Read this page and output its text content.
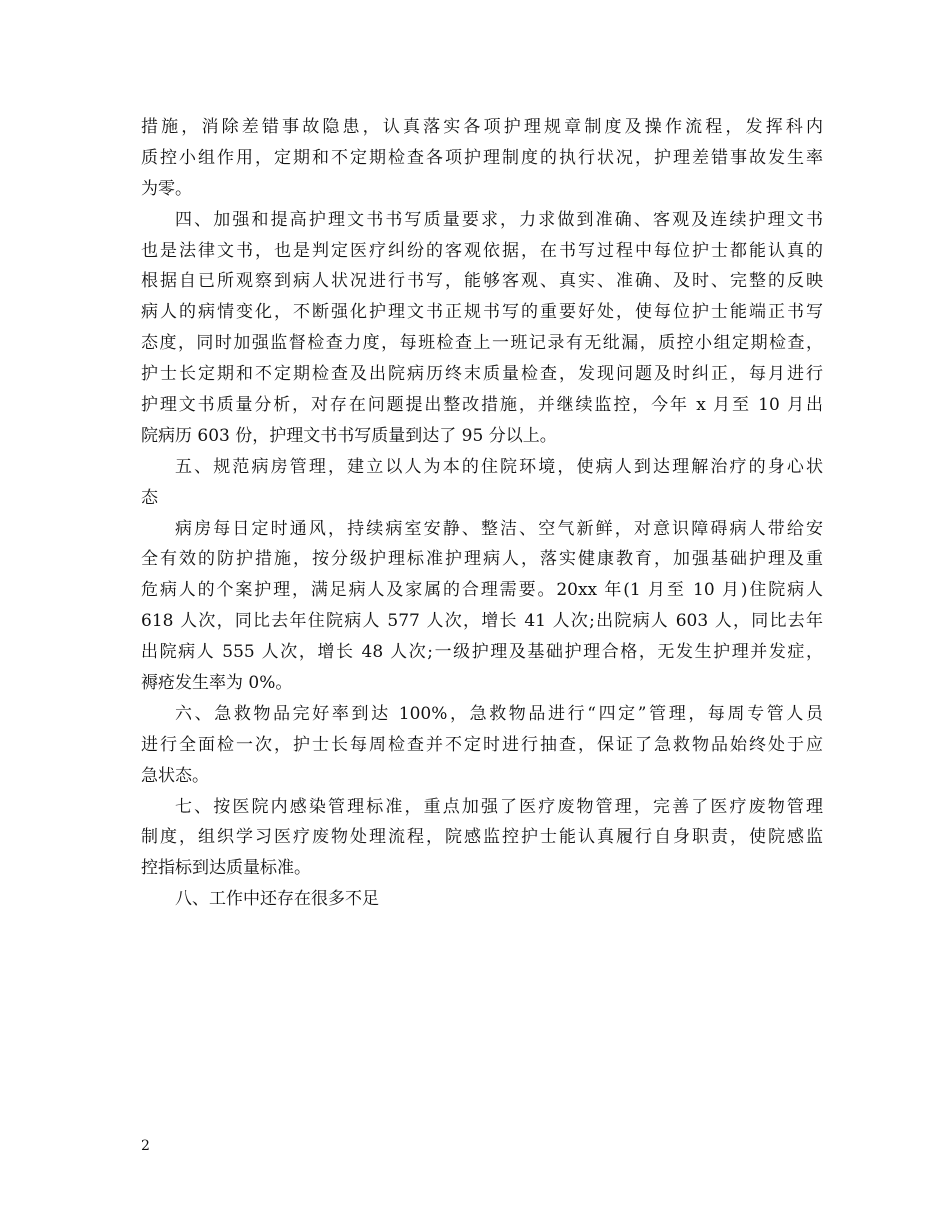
措施，消除差错事故隐患，认真落实各项护理规章制度及操作流程，发挥科内
质控小组作用，定期和不定期检查各项护理制度的执行状况，护理差错事故发生率
为零。
四、加强和提高护理文书书写质量要求，力求做到准确、客观及连续护理文书
也是法律文书，也是判定医疗纠纷的客观依据，在书写过程中每位护士都能认真的
根据自已所观察到病人状况进行书写，能够客观、真实、准确、及时、完整的反映
病人的病情变化，不断强化护理文书正规书写的重要好处，使每位护士能端正书写
态度，同时加强监督检查力度，每班检查上一班记录有无纰漏，质控小组定期检查，
护士长定期和不定期检查及出院病历终末质量检查，发现问题及时纠正，每月进行
护理文书质量分析，对存在问题提出整改措施，并继续监控，今年 x 月至 10 月出
院病历 603 份，护理文书书写质量到达了 95 分以上。
五、规范病房管理，建立以人为本的住院环境，使病人到达理解治疗的身心状
态
病房每日定时通风，持续病室安静、整洁、空气新鲜，对意识障碍病人带给安
全有效的防护措施，按分级护理标准护理病人，落实健康教育，加强基础护理及重
危病人的个案护理，满足病人及家属的合理需要。20xx 年(1 月至 10 月)住院病人
618 人次，同比去年住院病人 577 人次，增长 41 人次;出院病人 603 人，同比去年
出院病人 555 人次，增长 48 人次;一级护理及基础护理合格，无发生护理并发症，
褥疮发生率为 0%。
六、急救物品完好率到达 100%，急救物品进行“四定”管理，每周专管人员
进行全面检一次，护士长每周检查并不定时进行抽查，保证了急救物品始终处于应
急状态。
七、按医院内感染管理标准，重点加强了医疗废物管理，完善了医疗废物管理
制度，组织学习医疗废物处理流程，院感监控护士能认真履行自身职责，使院感监
控指标到达质量标准。
八、工作中还存在很多不足
2
